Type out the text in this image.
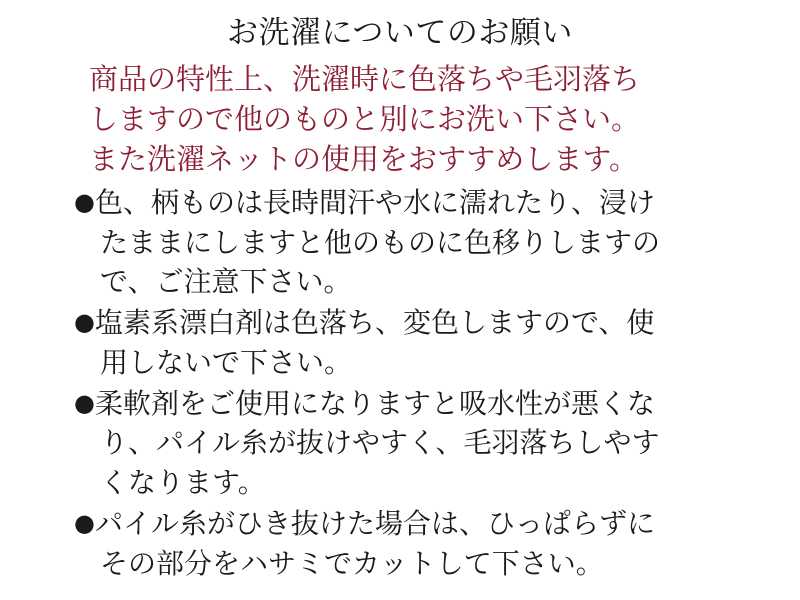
お洗濯についてのお願い
商品の特性上、洗濯時に色落ちや毛羽落ち
しますので他のものと別にお洗い下さい。
また洗濯ネットの使用をおすすめします。
●色、柄ものは長時間汗や水に濡れたり、浸け
たままにしますと他のものに色移りしますの
で、ご注意下さい。
●塩素系漂白剤は色落ち、変色しますので、使
用しないで下さい。
●柔軟剤をご使用になりますと吸水性が悪くな
り、パイル糸が抜けやすく、毛羽落ちしやす
くなります。
●パイル糸がひき抜けた場合は、ひっぱらずに
その部分をハサミでカットして下さい。
